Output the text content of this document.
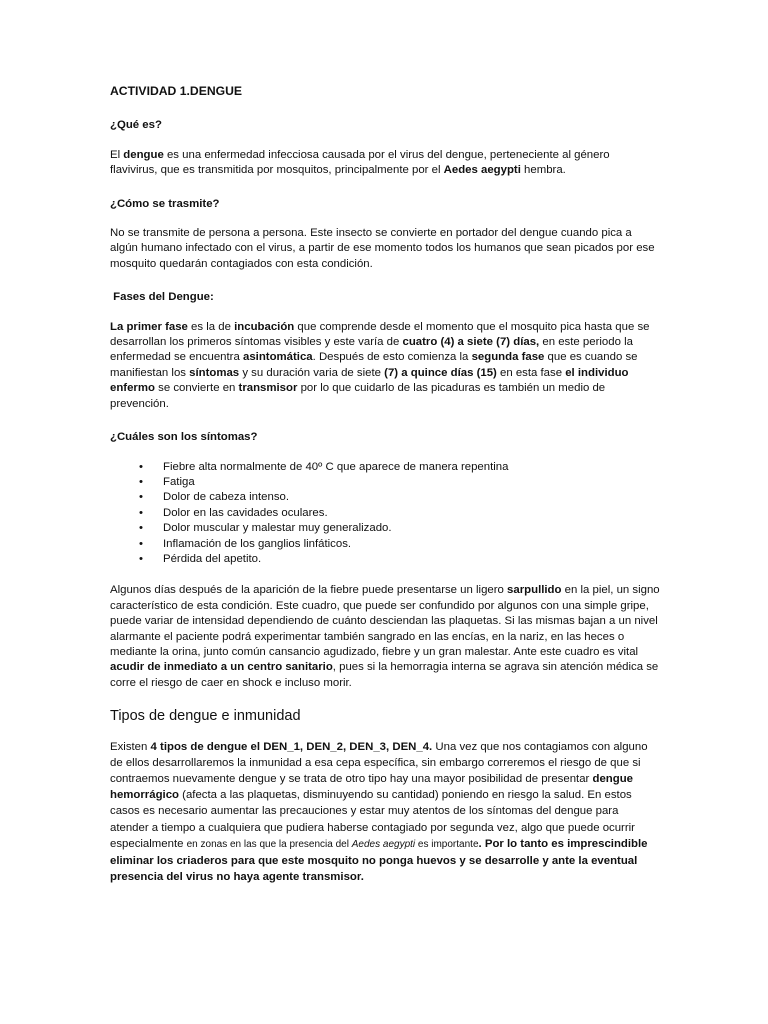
ACTIVIDAD 1.DENGUE

¿Qué es?

El dengue es una enfermedad infecciosa causada por el virus del dengue, perteneciente al género flavivirus, que es transmitida por mosquitos, principalmente por el Aedes aegypti hembra.

¿Cómo se trasmite?

No se transmite de persona a persona. Este insecto se convierte en portador del dengue cuando pica a algún humano infectado con el virus, a partir de ese momento todos los humanos que sean picados por ese mosquito quedarán contagiados con esta condición.

Fases del Dengue:

La primer fase es la de incubación que comprende desde el momento que el mosquito pica hasta que se desarrollan los primeros síntomas visibles y este varía de cuatro (4) a siete (7) días, en este periodo la enfermedad se encuentra asintomática. Después de esto comienza la segunda fase que es cuando se manifiestan los síntomas y su duración varia de siete (7) a quince días (15) en esta fase el individuo enfermo se convierte en transmisor por lo que cuidarlo de las picaduras es también un medio de prevención.

¿Cuáles son los síntomas?

• Fiebre alta normalmente de 40º C que aparece de manera repentina
• Fatiga
• Dolor de cabeza intenso.
• Dolor en las cavidades oculares.
• Dolor muscular y malestar muy generalizado.
• Inflamación de los ganglios linfáticos.
• Pérdida del apetito.

Algunos días después de la aparición de la fiebre puede presentarse un ligero sarpullido en la piel, un signo característico de esta condición. Este cuadro, que puede ser confundido por algunos con una simple gripe, puede variar de intensidad dependiendo de cuánto desciendan las plaquetas. Si las mismas bajan a un nivel alarmante el paciente podrá experimentar también sangrado en las encías, en la nariz, en las heces o mediante la orina, junto común cansancio agudizado, fiebre y un gran malestar. Ante este cuadro es vital acudir de inmediato a un centro sanitario, pues si la hemorragia interna se agrava sin atención médica se corre el riesgo de caer en shock e incluso morir.

Tipos de dengue e inmunidad

Existen 4 tipos de dengue el DEN_1, DEN_2, DEN_3, DEN_4. Una vez que nos contagiamos con alguno de ellos desarrollaremos la inmunidad a esa cepa específica, sin embargo correremos el riesgo de que si contraemos nuevamente dengue y se trata de otro tipo hay una mayor posibilidad de presentar dengue hemorrágico (afecta a las plaquetas, disminuyendo su cantidad) poniendo en riesgo la salud. En estos casos es necesario aumentar las precauciones y estar muy atentos de los síntomas del dengue para atender a tiempo a cualquiera que pudiera haberse contagiado por segunda vez, algo que puede ocurrir especialmente en zonas en las que la presencia del Aedes aegypti es importante. Por lo tanto es imprescindible eliminar los criaderos para que este mosquito no ponga huevos y se desarrolle y ante la eventual presencia del virus no haya agente transmisor.
